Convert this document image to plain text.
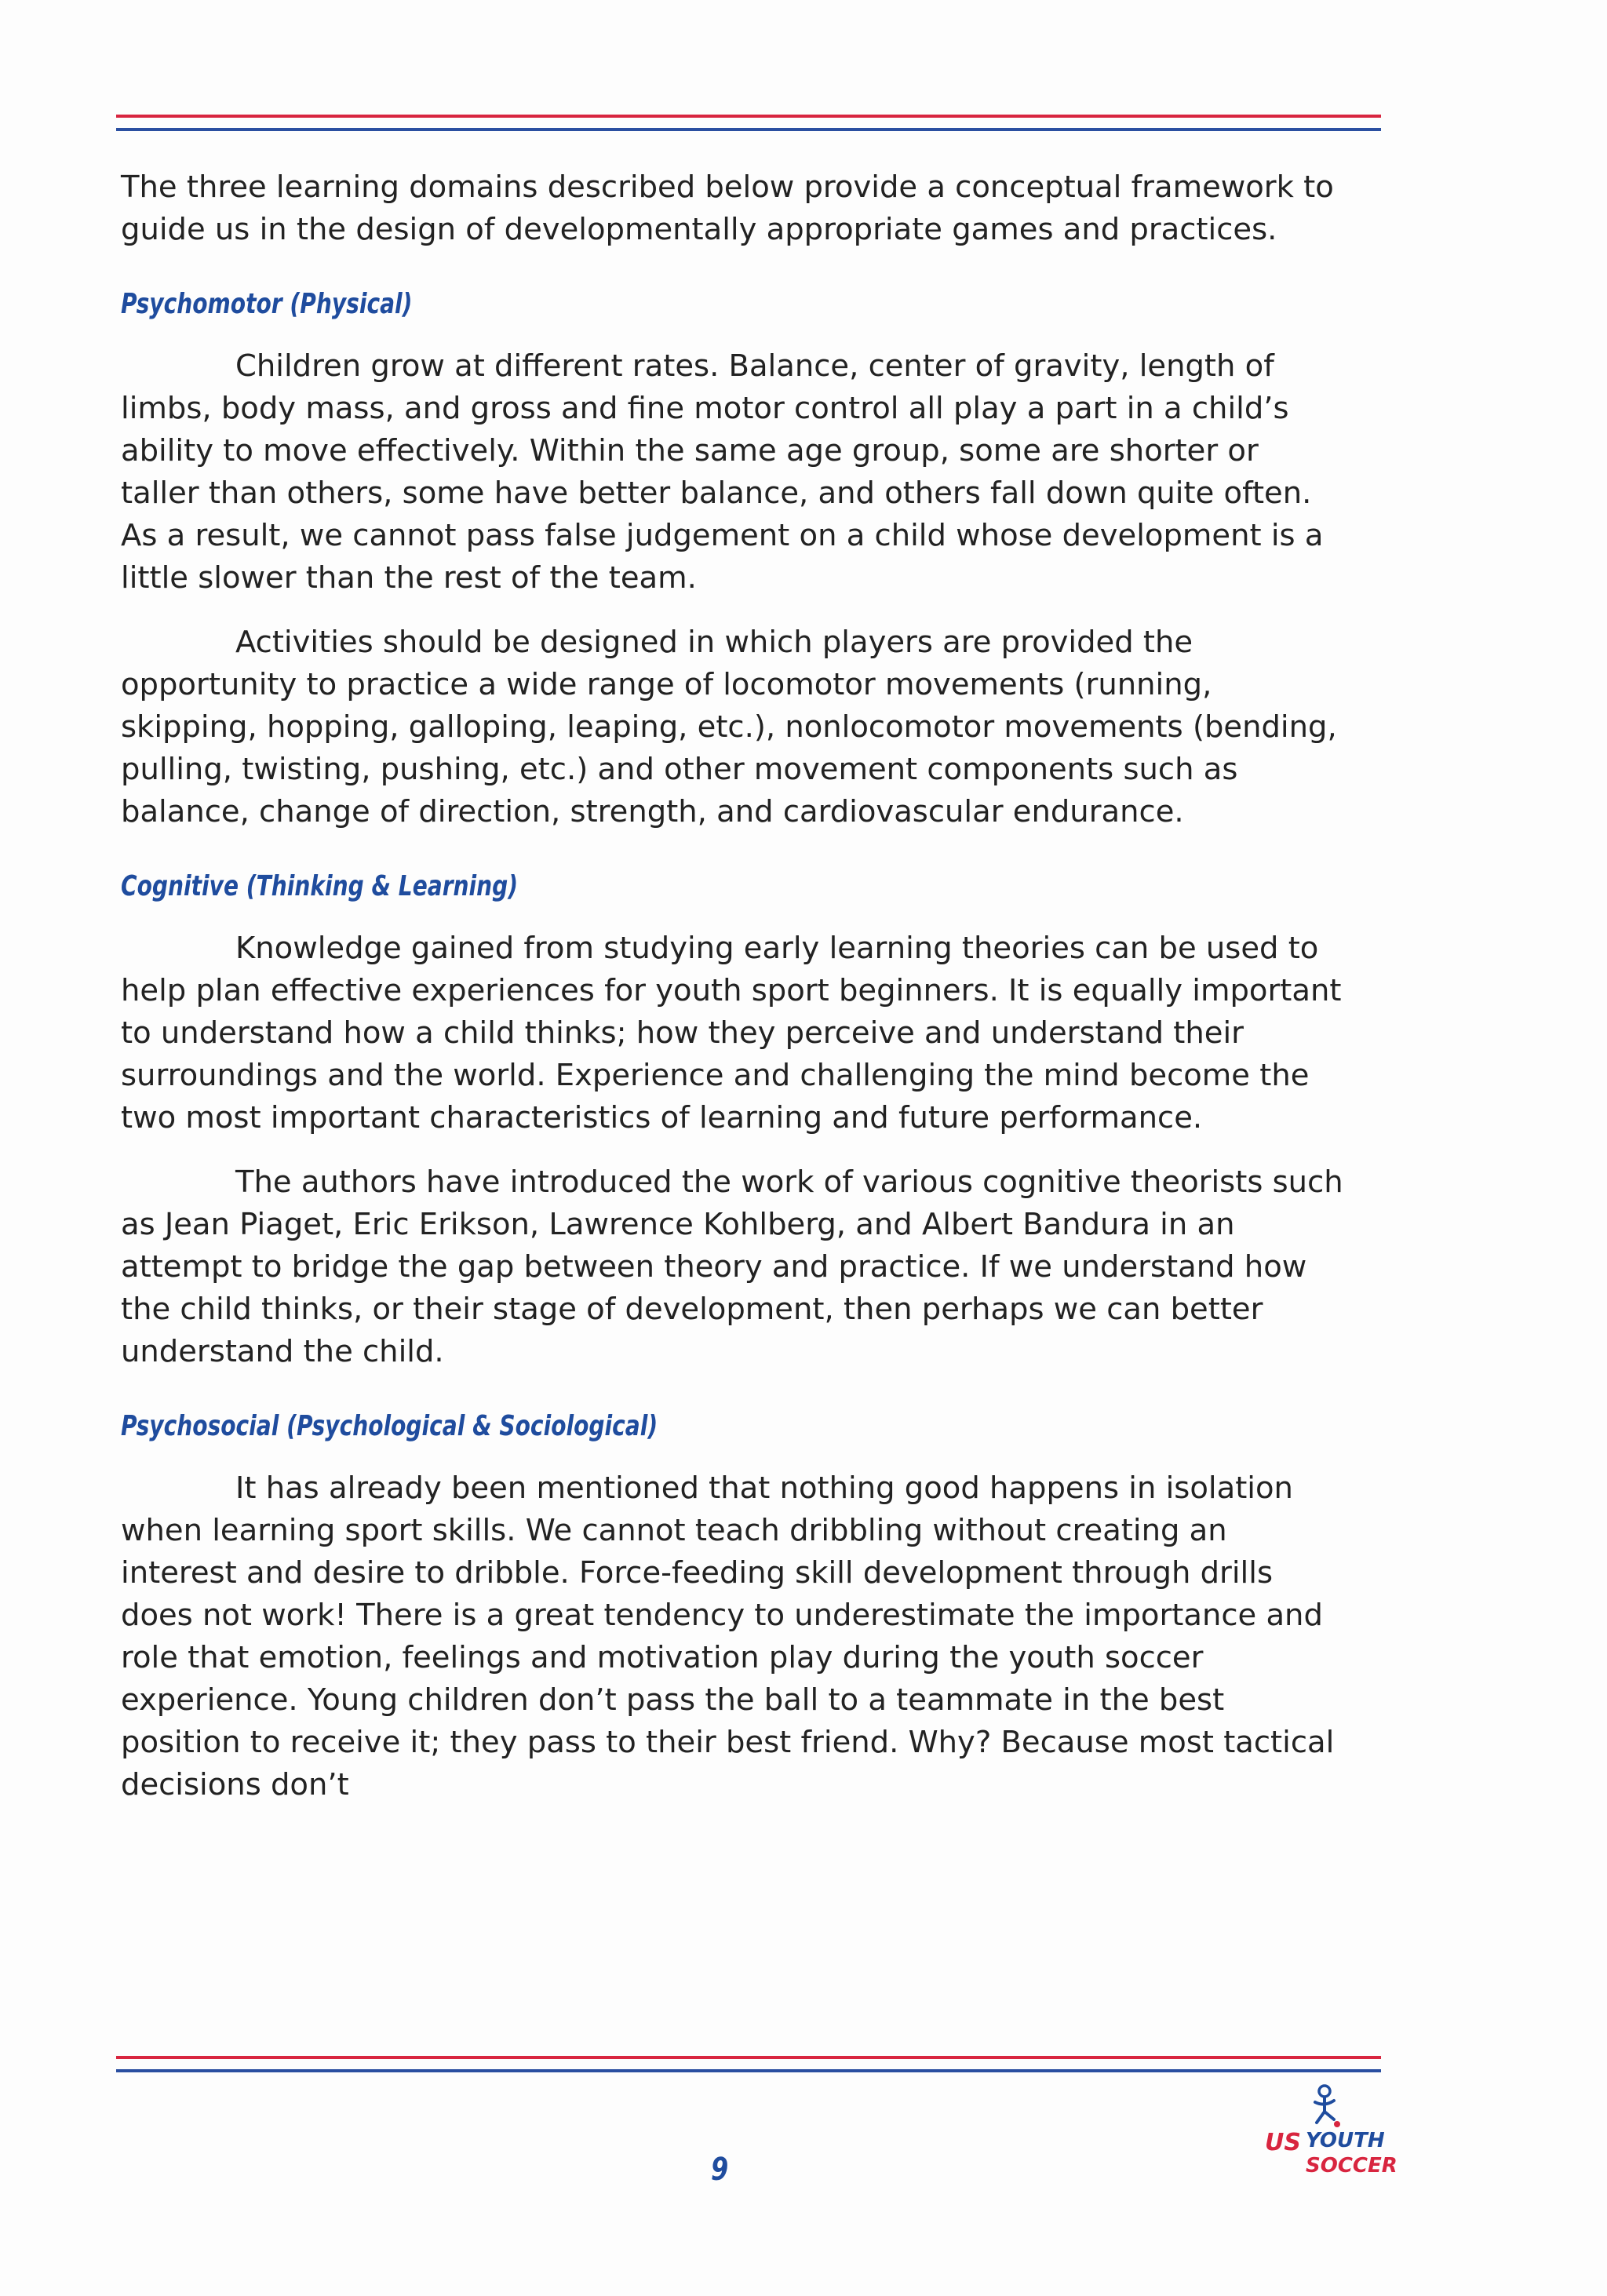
The three learning domains described below provide a conceptual framework to guide us in the design of developmentally appropriate games and practices.

Psychomotor (Physical)

Children grow at different rates. Balance, center of gravity, length of limbs, body mass, and gross and fine motor control all play a part in a child’s ability to move effectively. Within the same age group, some are shorter or taller than others, some have better balance, and others fall down quite often. As a result, we cannot pass false judgement on a child whose development is a little slower than the rest of the team.

Activities should be designed in which players are provided the opportunity to practice a wide range of locomotor movements (running, skipping, hopping, galloping, leaping, etc.), nonlocomotor movements (bending, pulling, twisting, pushing, etc.) and other movement components such as balance, change of direction, strength, and cardiovascular endurance.

Cognitive (Thinking & Learning)

Knowledge gained from studying early learning theories can be used to help plan effective experiences for youth sport beginners. It is equally important to understand how a child thinks; how they perceive and understand their surroundings and the world. Experience and challenging the mind become the two most important characteristics of learning and future performance.

The authors have introduced the work of various cognitive theorists such as Jean Piaget, Eric Erikson, Lawrence Kohlberg, and Albert Bandura in an attempt to bridge the gap between theory and practice. If we understand how the child thinks, or their stage of development, then perhaps we can better understand the child.

Psychosocial (Psychological & Sociological)

It has already been mentioned that nothing good happens in isolation when learning sport skills. We cannot teach dribbling without creating an interest and desire to dribble. Force-feeding skill development through drills does not work! There is a great tendency to underestimate the importance and role that emotion, feelings and motivation play during the youth soccer experience. Young children don’t pass the ball to a teammate in the best position to receive it; they pass to their best friend. Why? Because most tactical decisions don’t

9
US YOUTH
SOCCER
